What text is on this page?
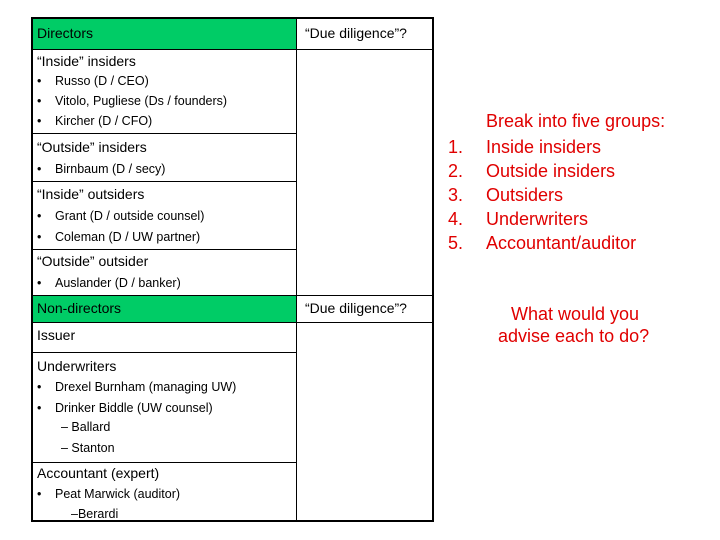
Directors	“Due diligence”?
“Inside” insiders
• Russo (D / CEO)
• Vitolo, Pugliese (Ds / founders)
• Kircher (D / CFO)
“Outside” insiders
• Birnbaum (D / secy)
“Inside” outsiders
• Grant (D / outside counsel)
• Coleman (D / UW partner)
“Outside” outsider
• Auslander (D / banker)
Non-directors	“Due diligence”?
Issuer
Underwriters
• Drexel Burnham (managing UW)
• Drinker Biddle (UW counsel)
– Ballard
– Stanton
Accountant (expert)
• Peat Marwick (auditor)
–Berardi
Break into five groups:
1. Inside insiders
2. Outside insiders
3. Outsiders
4. Underwriters
5. Accountant/auditor
What would you
advise each to do?
